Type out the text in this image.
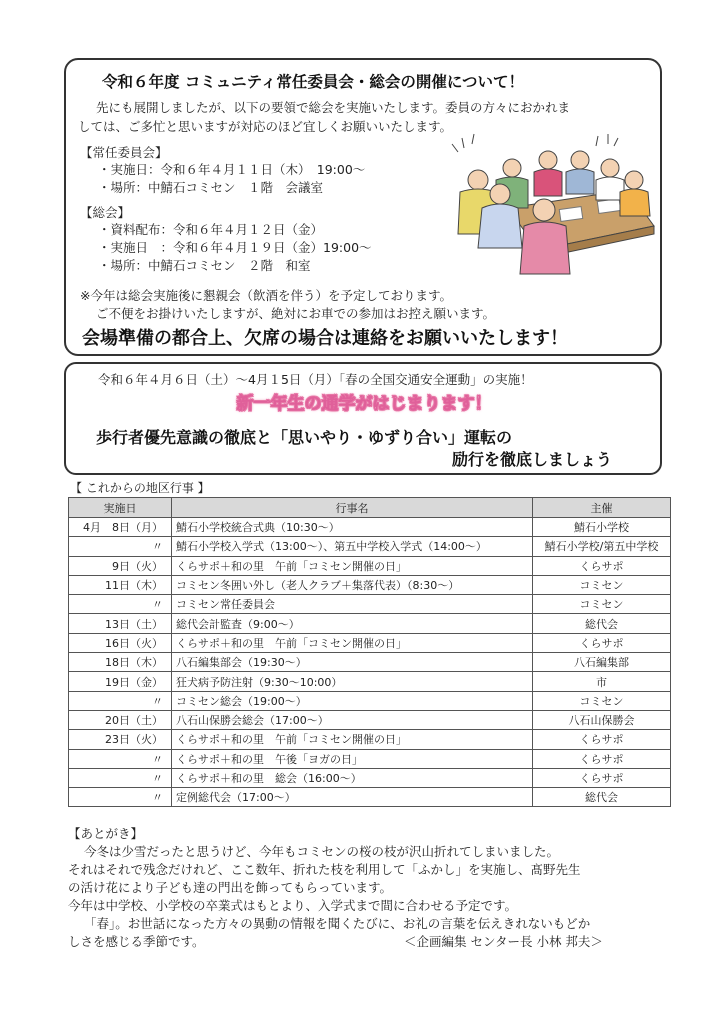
令和６年度 コミュニティ常任委員会・総会の開催について！
先にも展開しましたが、以下の要領で総会を実施いたします。委員の方々におかれま
しては、ご多忙と思いますが対応のほど宜しくお願いいたします。
【常任委員会】
・実施日：令和６年４月１１日（木）　19:00～
・場所：中鯖石コミセン　１階　会議室
【総会】
・資料配布：令和６年４月１２日（金）
・実施日　：令和６年４月１９日（金）19:00～
・場所：中鯖石コミセン　２階　和室
※今年は総会実施後に懇親会（飲酒を伴う）を予定しております。
ご不便をお掛けいたしますが、絶対にお車での参加はお控え願います。
会場準備の都合上、欠席の場合は連絡をお願いいたします！
令和６年４月６日（土）～4月１5日（月）「春の全国交通安全運動」の実施！
新一年生の通学がはじまります！
歩行者優先意識の徹底と「思いやり・ゆずり合い」運転の
励行を徹底しましょう
【 これからの地区行事 】
実施日	行事名	主催
4月　8日（月）	鯖石小学校統合式典（10:30～）	鯖石小学校
〃	鯖石小学校入学式（13:00～）、第五中学校入学式（14:00～）	鯖石小学校/第五中学校
9日（火）	くらサポ＋和の里　午前「コミセン開催の日」	くらサポ
11日（木）	コミセン冬囲い外し（老人クラブ＋集落代表）（8:30～）	コミセン
〃	コミセン常任委員会	コミセン
13日（土）	総代会計監査（9:00～）	総代会
16日（火）	くらサポ＋和の里　午前「コミセン開催の日」	くらサポ
18日（木）	八石編集部会（19:30～）	八石編集部
19日（金）	狂犬病予防注射（9:30～10:00）	市
〃	コミセン総会（19:00～）	コミセン
20日（土）	八石山保勝会総会（17:00～）	八石山保勝会
23日（火）	くらサポ＋和の里　午前「コミセン開催の日」	くらサポ
〃	くらサポ＋和の里　午後「ヨガの日」	くらサポ
〃	くらサポ＋和の里　総会（16:00～）	くらサポ
〃	定例総代会（17:00～）	総代会
【あとがき】
今冬は少雪だったと思うけど、今年もコミセンの桜の枝が沢山折れてしまいました。
それはそれで残念だけれど、ここ数年、折れた枝を利用して「ふかし」を実施し、髙野先生
の活け花により子ども達の門出を飾ってもらっています。
今年は中学校、小学校の卒業式はもとより、入学式まで間に合わせる予定です。
「春」。お世話になった方々の異動の情報を聞くたびに、お礼の言葉を伝えきれないもどか
しさを感じる季節です。	＜企画編集 センター長 小林 邦夫＞
